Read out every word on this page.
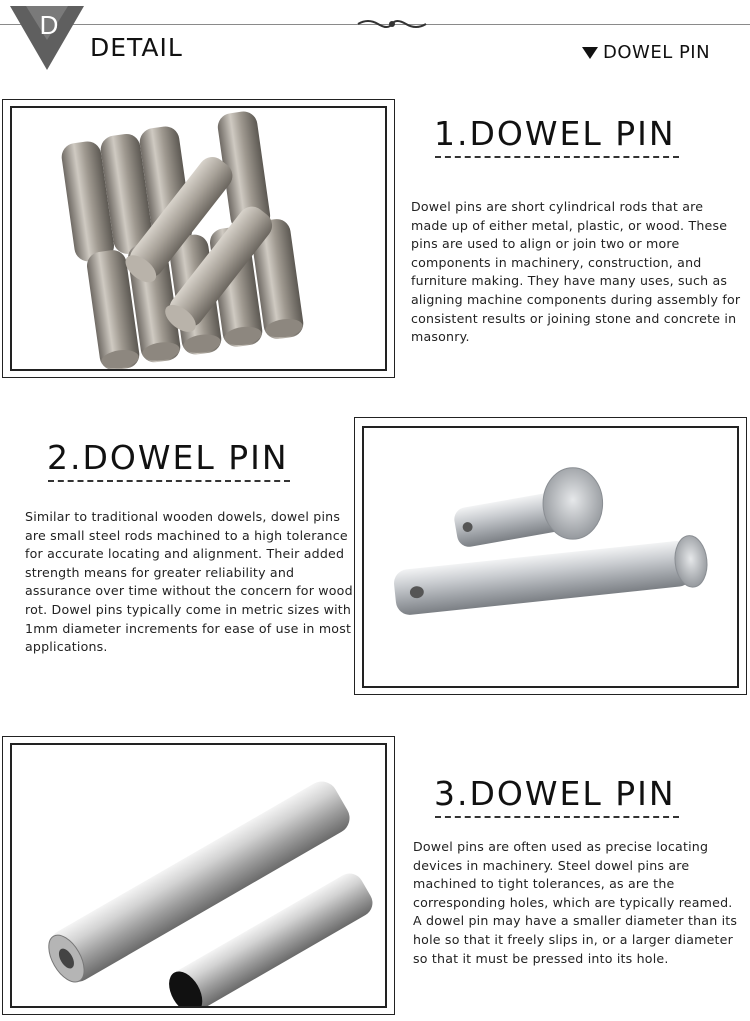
D
DETAIL	DOWEL PIN
1.DOWEL PIN
Dowel pins are short cylindrical rods that are made up of either metal, plastic, or wood. These pins are used to align or join two or more components in machinery, construction, and furniture making. They have many uses, such as aligning machine components during assembly for consistent results or joining stone and concrete in masonry.
2.DOWEL PIN
Similar to traditional wooden dowels, dowel pins are small steel rods machined to a high tolerance for accurate locating and alignment. Their added strength means for greater reliability and assurance over time without the concern for wood rot. Dowel pins typically come in metric sizes with 1mm diameter increments for ease of use in most applications.
3.DOWEL PIN
Dowel pins are often used as precise locating devices in machinery. Steel dowel pins are machined to tight tolerances, as are the corresponding holes, which are typically reamed. A dowel pin may have a smaller diameter than its hole so that it freely slips in, or a larger diameter so that it must be pressed into its hole.
